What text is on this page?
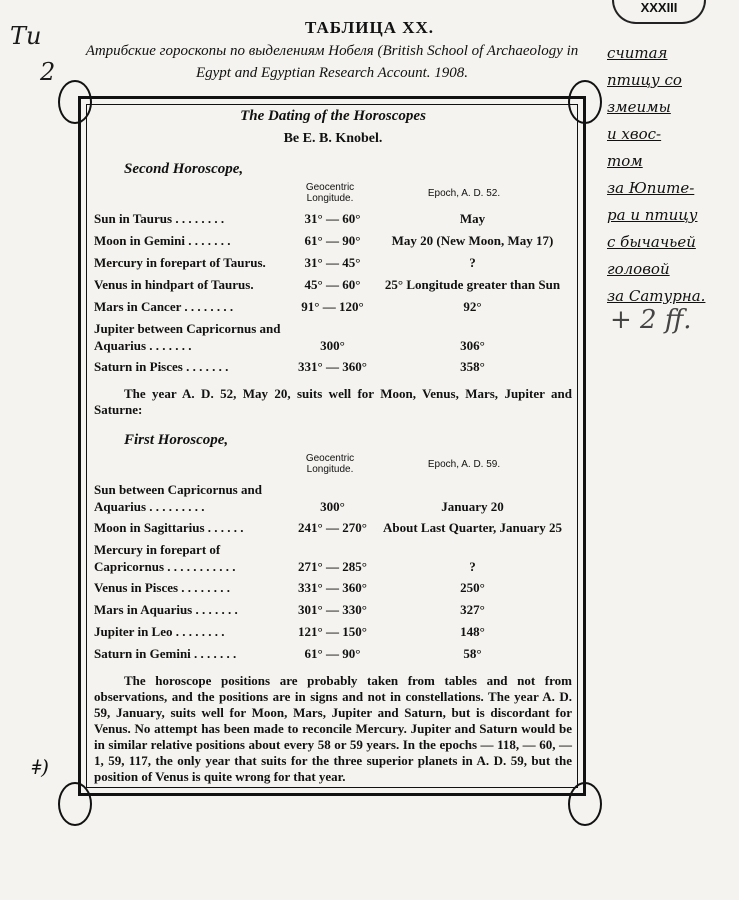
XXXIII
Ти
2
ТАБЛИЦА XX.
Атрибские гороскопы по выделениям Нобеля (British School of Archaeology in Egypt and Egyptian Research Account. 1908.
считая
птицу со
змеимы
и хвос-
том
за Юпите-
ра и птицу
с бычачьей
головой
за Сатурна.
+ 2 ff.
ǂ)
The Dating of the Horoscopes
Be E. B. Knobel.
Second Horoscope,
Geocentric Longitude.	Epoch, A. D. 52.
Sun in Taurus . . . . . . . .	31° — 60°	May
Moon in Gemini . . . . . . .	61° — 90°	May 20 (New Moon, May 17)
Mercury in forepart of Taurus.	31° — 45°	?
Venus in hindpart of Taurus.	45° — 60°	25° Longitude greater than Sun
Mars in Cancer . . . . . . . .	91° — 120°	92°
Jupiter between Capricornus and Aquarius . . . . . . .	300°	306°
Saturn in Pisces . . . . . . .	331° — 360°	358°
The year A. D. 52, May 20, suits well for Moon, Venus, Mars, Jupiter and Saturne:
First Horoscope,
Geocentric Longitude.	Epoch, A. D. 59.
Sun between Capricornus and Aquarius . . . . . . . . .	300°	January 20
Moon in Sagittarius . . . . . .	241° — 270°	About Last Quarter, January 25
Mercury in forepart of Capricornus . . . . . . . . . . .	271° — 285°	?
Venus in Pisces . . . . . . . .	331° — 360°	250°
Mars in Aquarius . . . . . . .	301° — 330°	327°
Jupiter in Leo . . . . . . . .	121° — 150°	148°
Saturn in Gemini . . . . . . .	61° — 90°	58°
The horoscope positions are probably taken from tables and not from observations, and the positions are in signs and not in constellations. The year A. D. 59, January, suits well for Moon, Mars, Jupiter and Saturn, but is discordant for Venus. No attempt has been made to reconcile Mercury. Jupiter and Saturn would be in similar relative positions about every 58 or 59 years. In the epochs — 118, — 60, — 1, 59, 117, the only year that suits for the three superior planets in A. D. 59, but the position of Venus is quite wrong for that year.
